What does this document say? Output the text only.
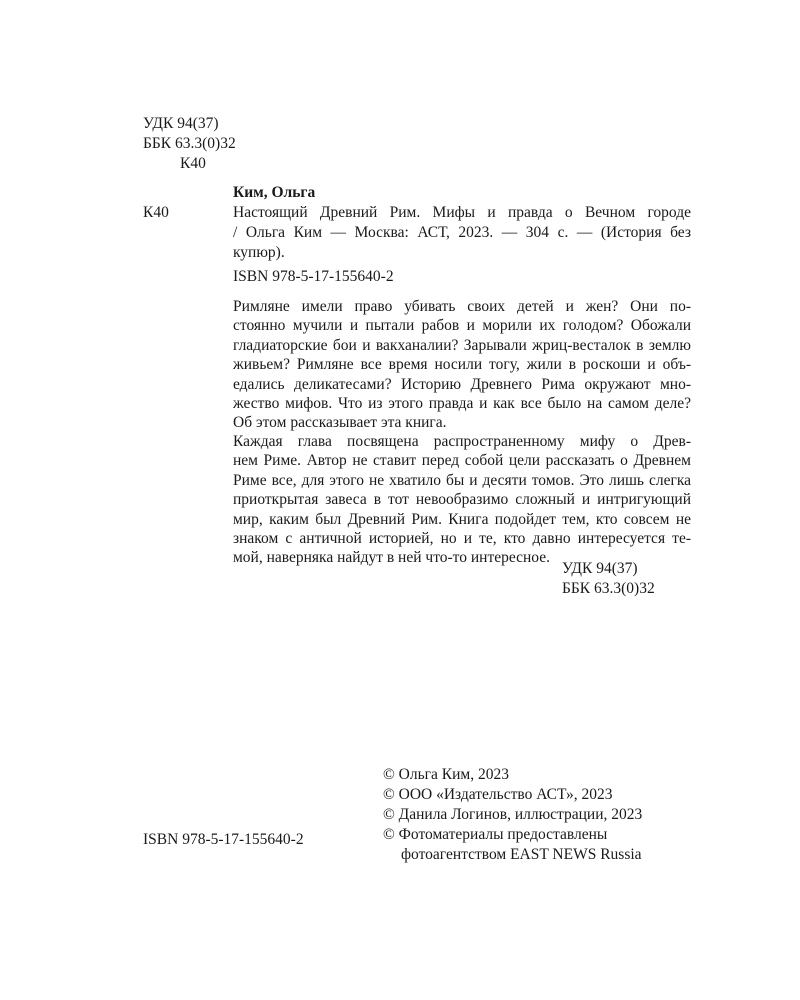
УДК 94(37)
ББК 63.3(0)32
К40
Ким, Ольга
К40	Настоящий Древний Рим. Мифы и правда о Вечном городе
/ Ольга Ким — Москва: АСТ, 2023. — 304 с. — (История без
купюр).
ISBN 978-5-17-155640-2
Римляне имели право убивать своих детей и жен? Они по-
стоянно мучили и пытали рабов и морили их голодом? Обожали
гладиаторские бои и вакханалии? Зарывали жриц-весталок в землю
живьем? Римляне все время носили тогу, жили в роскоши и объ-
едались деликатесами? Историю Древнего Рима окружают мно-
жество мифов. Что из этого правда и как все было на самом деле?
Об этом рассказывает эта книга.
Каждая глава посвящена распространенному мифу о Древ-
нем Риме. Автор не ставит перед собой цели рассказать о Древнем
Риме все, для этого не хватило бы и десяти томов. Это лишь слегка
приоткрытая завеса в тот невообразимо сложный и интригующий
мир, каким был Древний Рим. Книга подойдет тем, кто совсем не
знаком с античной историей, но и те, кто давно интересуется те-
мой, наверняка найдут в ней что-то интересное.
УДК 94(37)
ББК 63.3(0)32
© Ольга Ким, 2023
© ООО «Издательство АСТ», 2023
© Данила Логинов, иллюстрации, 2023
© Фотоматериалы предоставлены
фотоагентством EAST NEWS Russia
ISBN 978-5-17-155640-2
